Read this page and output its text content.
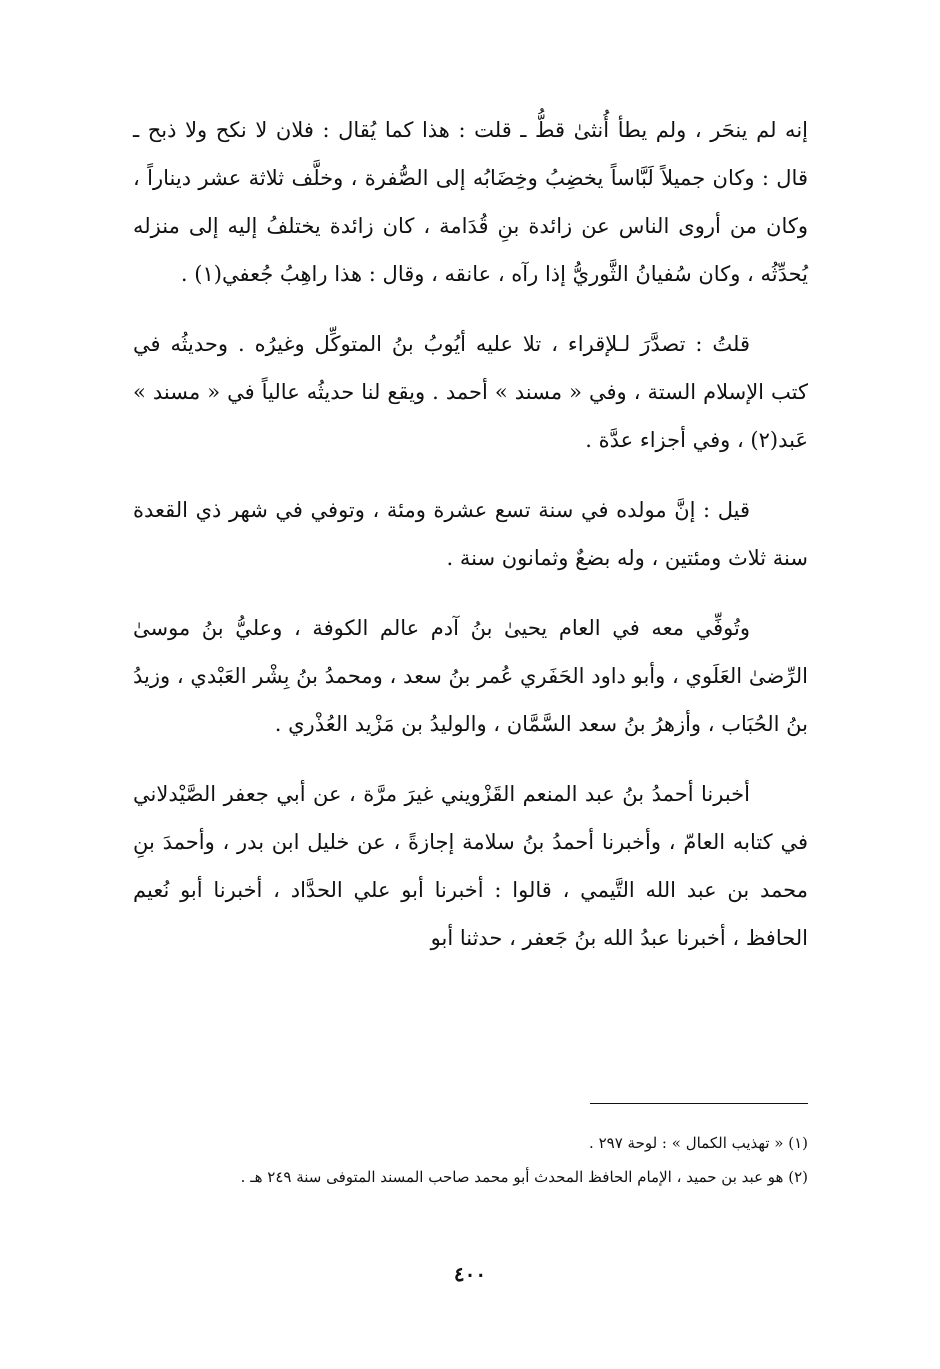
إنه لم ينحَر ، ولم يطأ أُنثىٰ قطُّ ـ قلت : هذا كما يُقال : فلان لا نكح ولا ذبح ـ قال : وكان جميلاً لَبَّاساً يخضِبُ وخِضَابُه إلى الصُّفرة ، وخلَّف ثلاثة عشر ديناراً ، وكان من أروى الناس عن زائدة بنِ قُدَامة ، كان زائدة يختلفُ إليه إلى منزله يُحدِّثُه ، وكان سُفيانُ الثَّوريُّ إذا رآه ، عانقه ، وقال : هذا راهِبُ جُعفي(١) .

قلتُ : تصدَّرَ لـلإقراء ، تلا عليه أيُوبُ بنُ المتوكِّل وغيرُه . وحديثُه في كتب الإسلام الستة ، وفي « مسند » أحمد . ويقع لنا حديثُه عالياً في « مسند » عَبد(٢) ، وفي أجزاء عدَّة .

قيل : إنَّ مولده في سنة تسع عشرة ومئة ، وتوفي في شهر ذي القعدة سنة ثلاث ومئتين ، وله بضعٌ وثمانون سنة .

وتُوفِّي معه في العام يحيىٰ بنُ آدم عالم الكوفة ، وعليُّ بنُ موسىٰ الرِّضىٰ العَلَوي ، وأبو داود الحَفَري عُمر بنُ سعد ، ومحمدُ بنُ بِشْر العَبْدي ، وزيدُ بنُ الحُبَاب ، وأزهرُ بنُ سعد السَّمَّان ، والوليدُ بن مَزْيد العُذْري .

أخبرنا أحمدُ بنُ عبد المنعم القَزْويني غيرَ مرَّة ، عن أبي جعفر الصَّيْدلاني في كتابه العامّ ، وأخبرنا أحمدُ بنُ سلامة إجازةً ، عن خليل ابن بدر ، وأحمدَ بنِ محمد بن عبد الله التَّيمي ، قالوا : أخبرنا أبو علي الحدَّاد ، أخبرنا أبو نُعيم الحافظ ، أخبرنا عبدُ الله بنُ جَعفر ، حدثنا أبو

(١) « تهذيب الكمال » : لوحة ٢٩٧ .

(٢) هو عبد بن حميد ، الإمام الحافظ المحدث أبو محمد صاحب المسند المتوفى سنة ٢٤٩ هـ .

٤٠٠
